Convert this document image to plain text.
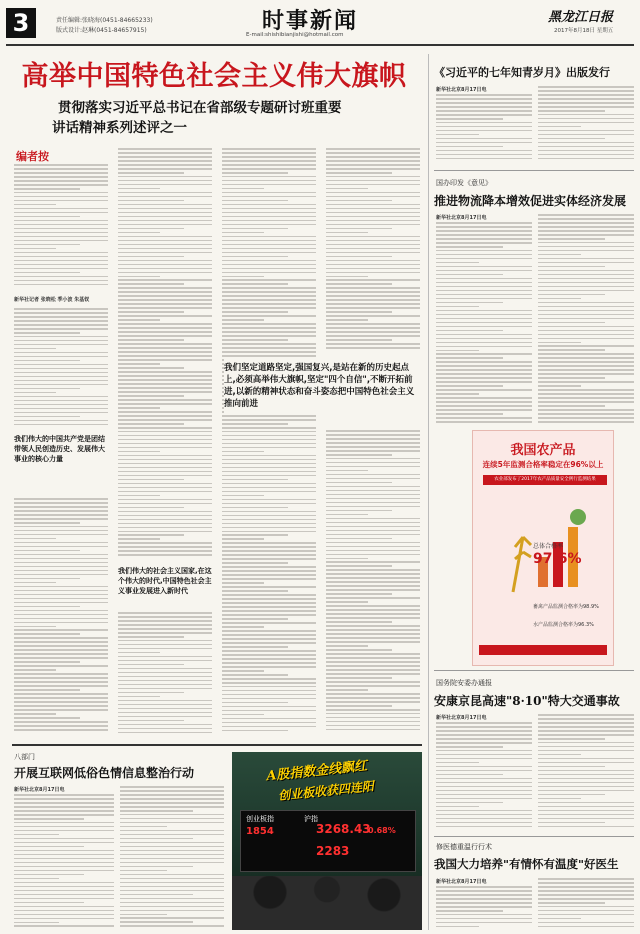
3	责任编辑:张晓海(0451-84665233)
版式设计:赵琳(0451-84657915)	时事新闻
E-mail:shishibianjishi@hotmail.com
黑龙江日报
2017年8月18日 星期五
高举中国特色社会主义伟大旗帜
贯彻落实习近平总书记在省部级专题研讨班重要
讲话精神系列述评之一
编者按
新华社记者 张晓松 季小波 朱基钗
我们伟大的中国共产党是团结带领人民创造历史、发展伟大事业的核心力量
我们伟大的社会主义国家,在这个伟大的时代,中国特色社会主义事业发展进入新时代
我们坚定道路坚定,强国复兴,是站在新的历史起点上,必须高举伟大旗帜,坚定"四个自信",不断开拓前进,以新的精神状态和奋斗姿态把中国特色社会主义推向前进
《习近平的七年知青岁月》出版发行
新华社北京8月17日电
国办印发《意见》
推进物流降本增效促进实体经济发展
新华社北京8月17日电
我国农产品
连续5年监测合格率稳定在96%以上
农业部发布了2017年农产品质量安全例行监测结果
总体合格率
97.6%
畜禽产品监测合格率为98.9%
水产品监测合格率为96.3%
国务院安委办通报
安康京昆高速"8·10"特大交通事故
新华社北京8月17日电
修医德重温行行术
我国大力培养"有情怀有温度"好医生
新华社北京8月17日电
八部门
开展互联网低俗色情信息整治行动
新华社北京8月17日电
A股指数金线飘红
创业板收获四连阳
创业板指
1854
沪指
3268.43
0.68%
2283
